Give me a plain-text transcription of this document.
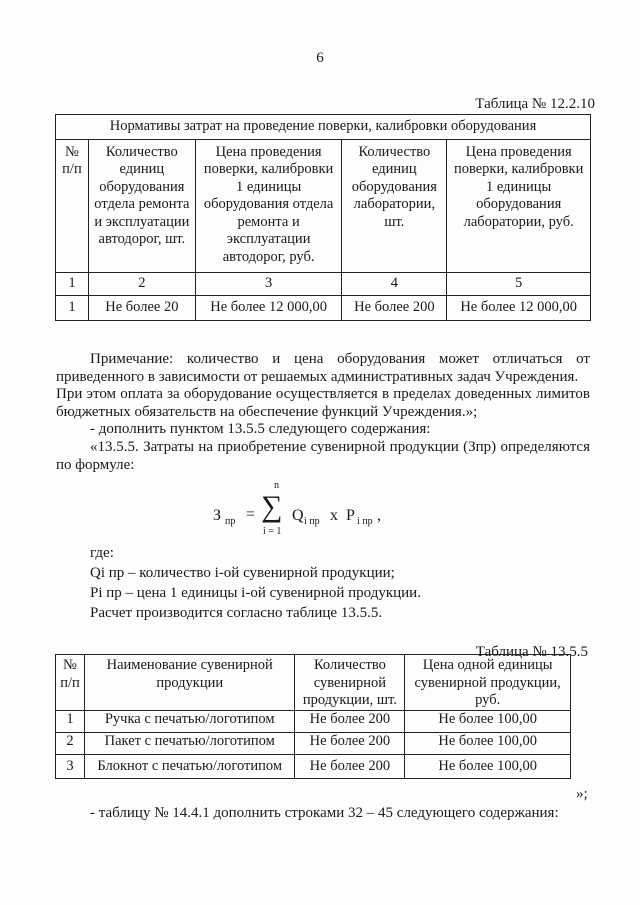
6
Таблица № 12.2.10
Нормативы затрат на проведение поверки, калибровки оборудования				
№ п/п	Количество единиц оборудования отдела ремонта и эксплуатации автодорог, шт.	Цена проведения поверки, калибровки 1 единицы оборудования отдела ремонта и эксплуатации автодорог, руб.	Количество единиц оборудования лаборатории, шт.	Цена проведения поверки, калибровки 1 единицы оборудования лаборатории, руб.
1	2	3	4	5
1	Не более 20	Не более 12 000,00	Не более 200	Не более 12 000,00
Примечание: количество и цена оборудования может отличаться от приведенного в зависимости от решаемых административных задач Учреждения.
При этом оплата за оборудование осуществляется в пределах доведенных лимитов бюджетных обязательств на обеспечение функций Учреждения.»;
- дополнить пунктом 13.5.5 следующего содержания:
«13.5.5. Затраты на приобретение сувенирной продукции (Зпр) определяются по формуле:
З пр =
n
∑
i = 1
Q i пр х P i пр ,
где:
Qi пр – количество i-ой сувенирной продукции;
Pi пр – цена 1 единицы i-ой сувенирной продукции.
Расчет производится согласно таблице 13.5.5.
Таблица № 13.5.5
№ п/п	Наименование сувенирной продукции	Количество сувенирной продукции, шт.	Цена одной единицы сувенирной продукции, руб.
1	Ручка с печатью/логотипом	Не более 200	Не более 100,00
2	Пакет с печатью/логотипом	Не более 200	Не более 100,00
3	Блокнот с печатью/логотипом	Не более 200	Не более 100,00
»;
- таблицу № 14.4.1 дополнить строками 32 – 45 следующего содержания:
